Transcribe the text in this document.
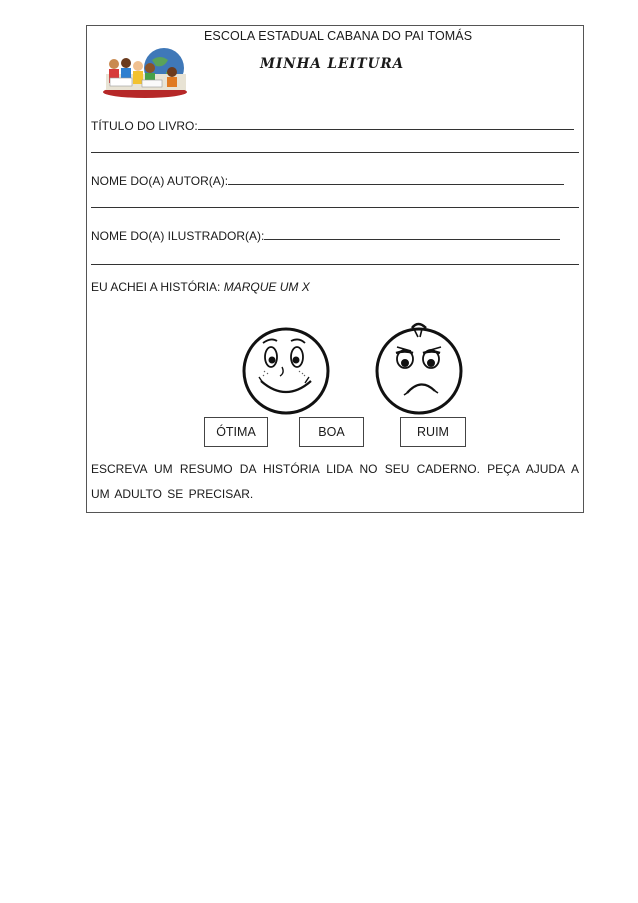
ESCOLA ESTADUAL CABANA DO PAI TOMÁS
MINHA LEITURA
TÍTULO DO LIVRO:
NOME DO(A) AUTOR(A):
NOME DO(A) ILUSTRADOR(A):
EU ACHEI A HISTÓRIA: MARQUE UM X
ÓTIMA	BOA	RUIM
ESCREVA UM RESUMO DA HISTÓRIA LIDA NO SEU CADERNO. PEÇA AJUDA A UM ADULTO SE PRECISAR.
